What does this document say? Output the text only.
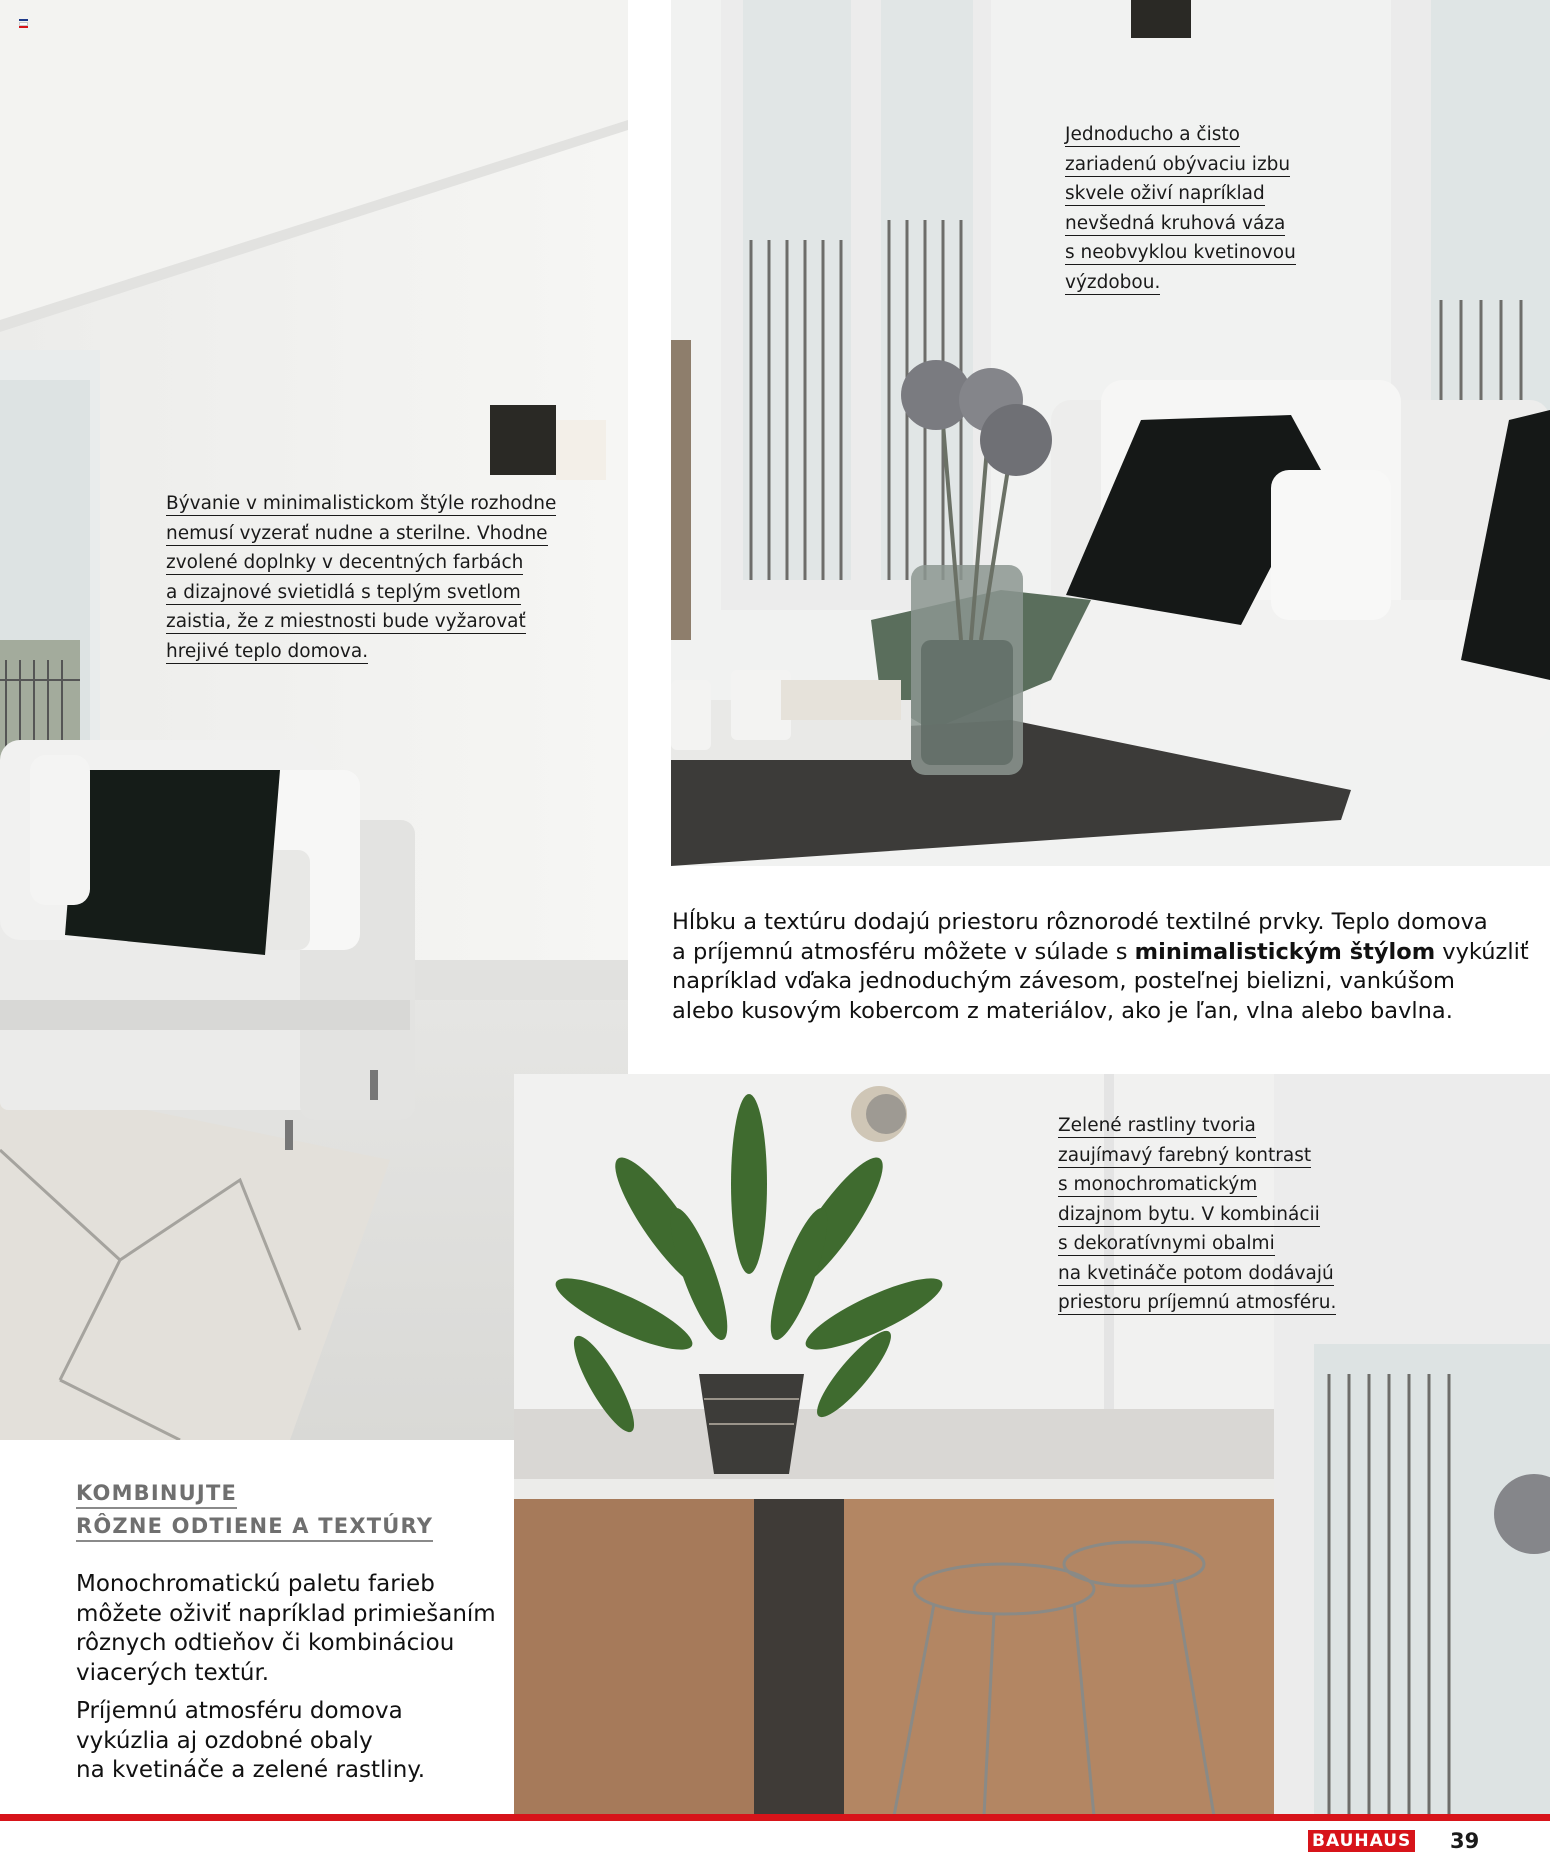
Bývanie v minimalistickom štýle rozhodne
nemusí vyzerať nudne a sterilne. Vhodne
zvolené doplnky v decentných farbách
a dizajnové svietidlá s teplým svetlom
zaistia, že z miestnosti bude vyžarovať
hrejivé teplo domova.
Jednoducho a čisto
zariadenú obývaciu izbu
skvele oživí napríklad
nevšedná kruhová váza
s neobvyklou kvetinovou
výzdobou.
Zelené rastliny tvoria
zaujímavý farebný kontrast
s monochromatickým
dizajnom bytu. V kombinácii
s dekoratívnymi obalmi
na kvetináče potom dodávajú
priestoru príjemnú atmosféru.
Hĺbku a textúru dodajú priestoru rôznorodé textilné prvky. Teplo domova
a príjemnú atmosféru môžete v súlade s minimalistickým štýlom vykúzliť
napríklad vďaka jednoduchým závesom, posteľnej bielizni, vankúšom
alebo kusovým kobercom z materiálov, ako je ľan, vlna alebo bavlna.
KOMBINUJTE
RÔZNE ODTIENE A TEXTÚRY
Monochromatickú paletu farieb
môžete oživiť napríklad primiešaním
rôznych odtieňov či kombináciou
viacerých textúr.
Príjemnú atmosféru domova
vykúzlia aj ozdobné obaly
na kvetináče a zelené rastliny.
BAUHAUS 39
